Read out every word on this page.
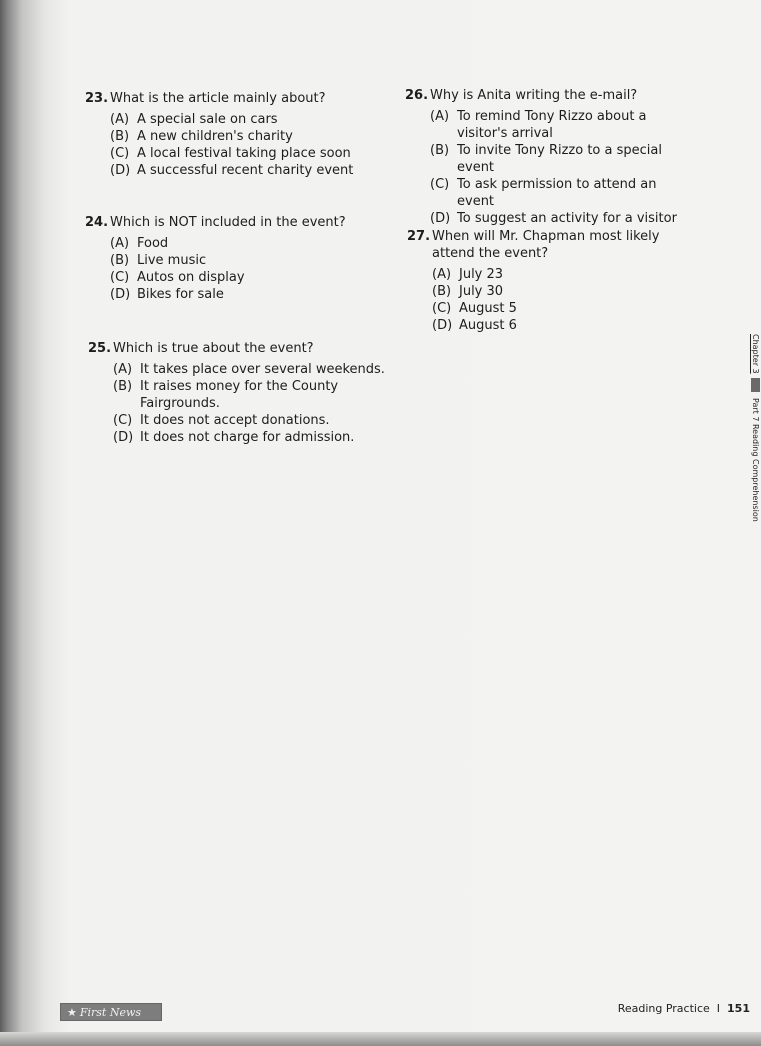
23. What is the article mainly about?
(A) A special sale on cars
(B) A new children's charity
(C) A local festival taking place soon
(D) A successful recent charity event
24. Which is NOT included in the event?
(A) Food
(B) Live music
(C) Autos on display
(D) Bikes for sale
25. Which is true about the event?
(A) It takes place over several weekends.
(B) It raises money for the County Fairgrounds.
(C) It does not accept donations.
(D) It does not charge for admission.
26. Why is Anita writing the e-mail?
(A) To remind Tony Rizzo about a visitor's arrival
(B) To invite Tony Rizzo to a special event
(C) To ask permission to attend an event
(D) To suggest an activity for a visitor
27. When will Mr. Chapman most likely attend the event?
(A) July 23
(B) July 30
(C) August 5
(D) August 6
Chapter 3
Part 7 Reading Comprehension
★ First News	Reading Practice I 151
